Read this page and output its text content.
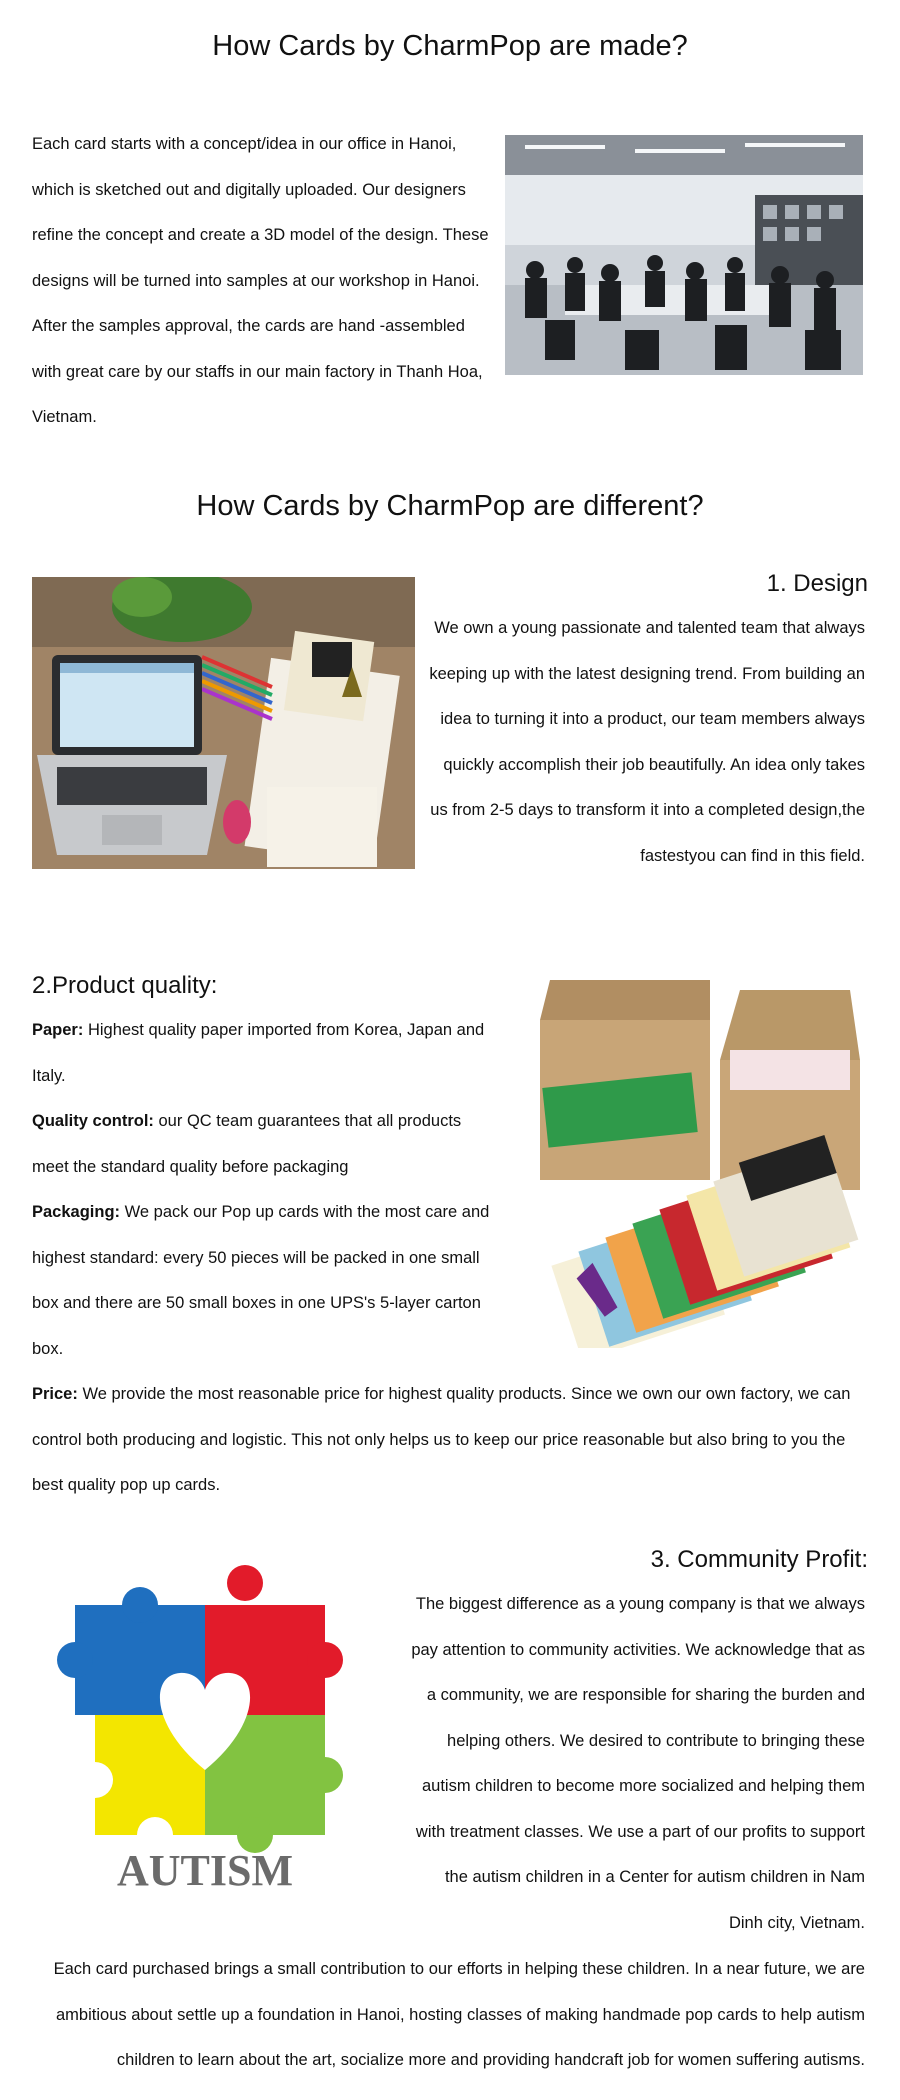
How Cards by CharmPop are made?

Each card starts with a concept/idea in our office in Hanoi, which is sketched out and digitally uploaded. Our designers refine the concept and create a 3D model of the design. These designs will be turned into samples at our workshop in Hanoi. After the samples approval, the cards are hand -assembled with great care by our staffs in our main factory in Thanh Hoa, Vietnam.

How Cards by CharmPop are different?
1. Design

We own a young passionate and talented team that always keeping up with the latest designing trend. From building an idea to turning it into a product, our team members always quickly accomplish their job beautifully. An idea only takes us from 2-5 days to transform it into a completed design,the fastestyou can find in this field.

2.Product quality:

Paper: Highest quality paper imported from Korea, Japan and Italy.

Quality control: our QC team guarantees that all products meet the standard quality before packaging

Packaging: We pack our Pop up cards with the most care and highest standard: every 50 pieces will be packed in one small box and there are 50 small boxes in one UPS's 5-layer carton box.

Price: We provide the most reasonable price for highest quality products. Since we own our own factory, we can control both producing and logistic. This not only helps us to keep our price reasonable but also bring to you the best quality pop up cards.

3. Community Profit:
AUTISM

The biggest difference as a young company is that we always pay attention to community activities. We acknowledge that as a community, we are responsible for sharing the burden and helping others. We desired to contribute to bringing these autism children to become more socialized and helping them with treatment classes. We use a part of our profits to support the autism children in a Center for autism children in Nam Dinh city, Vietnam.

Each card purchased brings a small contribution to our efforts in helping these children. In a near future, we are ambitious about settle up a foundation in Hanoi, hosting classes of making handmade pop cards to help autism children to learn about the art, socialize more and providing handcraft job for women suffering autisms.
